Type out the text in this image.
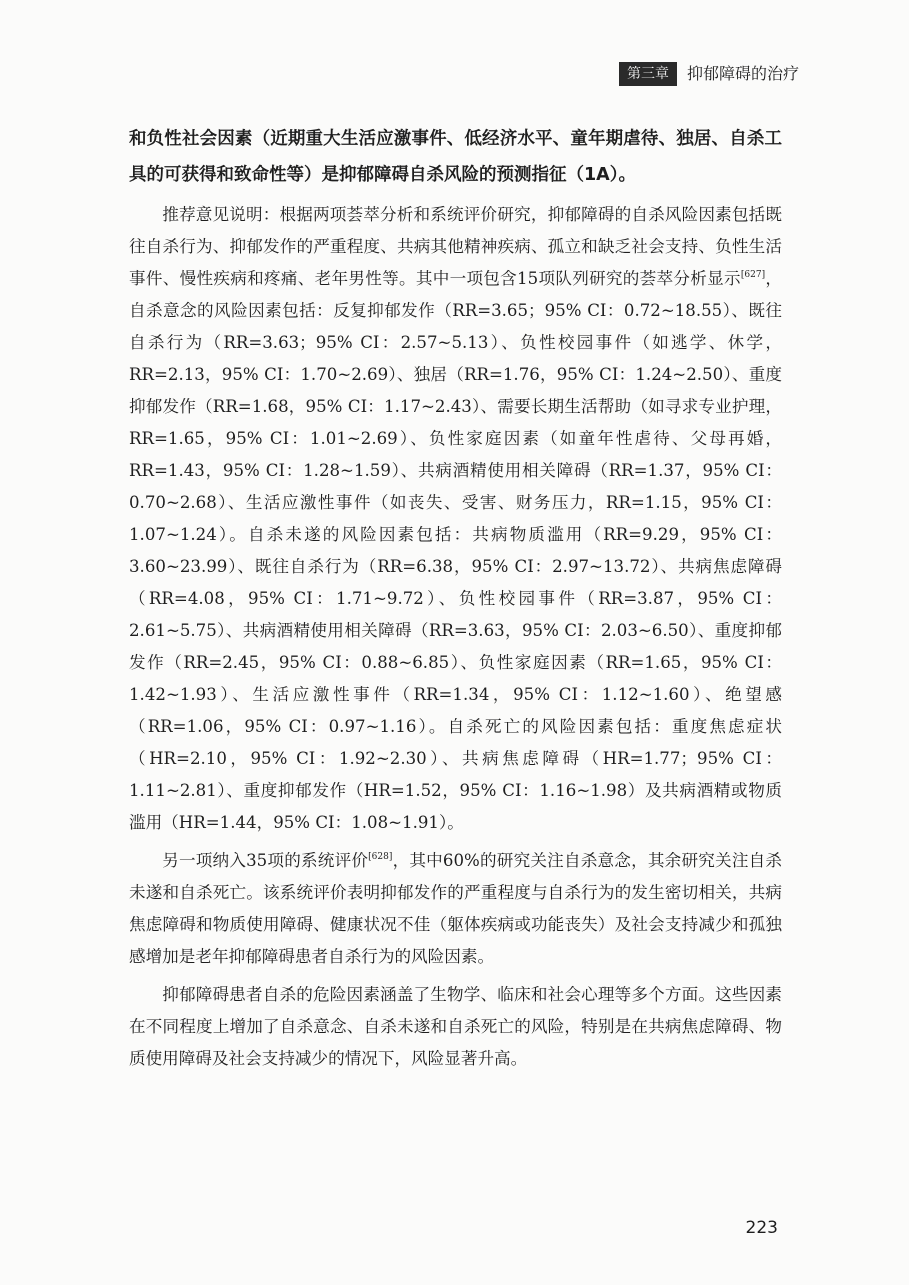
第三章	抑郁障碍的治疗

和负性社会因素（近期重大生活应激事件、低经济水平、童年期虐待、独居、自杀工具的可获得和致命性等）是抑郁障碍自杀风险的预测指征（1A）。

推荐意见说明：根据两项荟萃分析和系统评价研究，抑郁障碍的自杀风险因素包括既往自杀行为、抑郁发作的严重程度、共病其他精神疾病、孤立和缺乏社会支持、负性生活事件、慢性疾病和疼痛、老年男性等。其中一项包含15项队列研究的荟萃分析显示[627]，自杀意念的风险因素包括：反复抑郁发作（RR=3.65；95% CI：0.72~18.55）、既往自杀行为（RR=3.63；95% CI：2.57~5.13）、负性校园事件（如逃学、休学，RR=2.13，95% CI：1.70~2.69）、独居（RR=1.76，95% CI：1.24~2.50）、重度抑郁发作（RR=1.68，95% CI：1.17~2.43）、需要长期生活帮助（如寻求专业护理，RR=1.65，95% CI：1.01~2.69）、负性家庭因素（如童年性虐待、父母再婚，RR=1.43，95% CI：1.28~1.59）、共病酒精使用相关障碍（RR=1.37，95% CI：0.70~2.68）、生活应激性事件（如丧失、受害、财务压力，RR=1.15，95% CI：1.07~1.24）。自杀未遂的风险因素包括：共病物质滥用（RR=9.29，95% CI：3.60~23.99）、既往自杀行为（RR=6.38，95% CI：2.97~13.72）、共病焦虑障碍（RR=4.08，95% CI：1.71~9.72）、负性校园事件（RR=3.87，95% CI：2.61~5.75）、共病酒精使用相关障碍（RR=3.63，95% CI：2.03~6.50）、重度抑郁发作（RR=2.45，95% CI：0.88~6.85）、负性家庭因素（RR=1.65，95% CI：1.42~1.93）、生活应激性事件（RR=1.34，95% CI：1.12~1.60）、绝望感（RR=1.06，95% CI：0.97~1.16）。自杀死亡的风险因素包括：重度焦虑症状（HR=2.10，95% CI：1.92~2.30）、共病焦虑障碍（HR=1.77；95% CI：1.11~2.81）、重度抑郁发作（HR=1.52，95% CI：1.16~1.98）及共病酒精或物质滥用（HR=1.44，95% CI：1.08~1.91）。

另一项纳入35项的系统评价[628]，其中60%的研究关注自杀意念，其余研究关注自杀未遂和自杀死亡。该系统评价表明抑郁发作的严重程度与自杀行为的发生密切相关，共病焦虑障碍和物质使用障碍、健康状况不佳（躯体疾病或功能丧失）及社会支持减少和孤独感增加是老年抑郁障碍患者自杀行为的风险因素。

抑郁障碍患者自杀的危险因素涵盖了生物学、临床和社会心理等多个方面。这些因素在不同程度上增加了自杀意念、自杀未遂和自杀死亡的风险，特别是在共病焦虑障碍、物质使用障碍及社会支持减少的情况下，风险显著升高。

223
